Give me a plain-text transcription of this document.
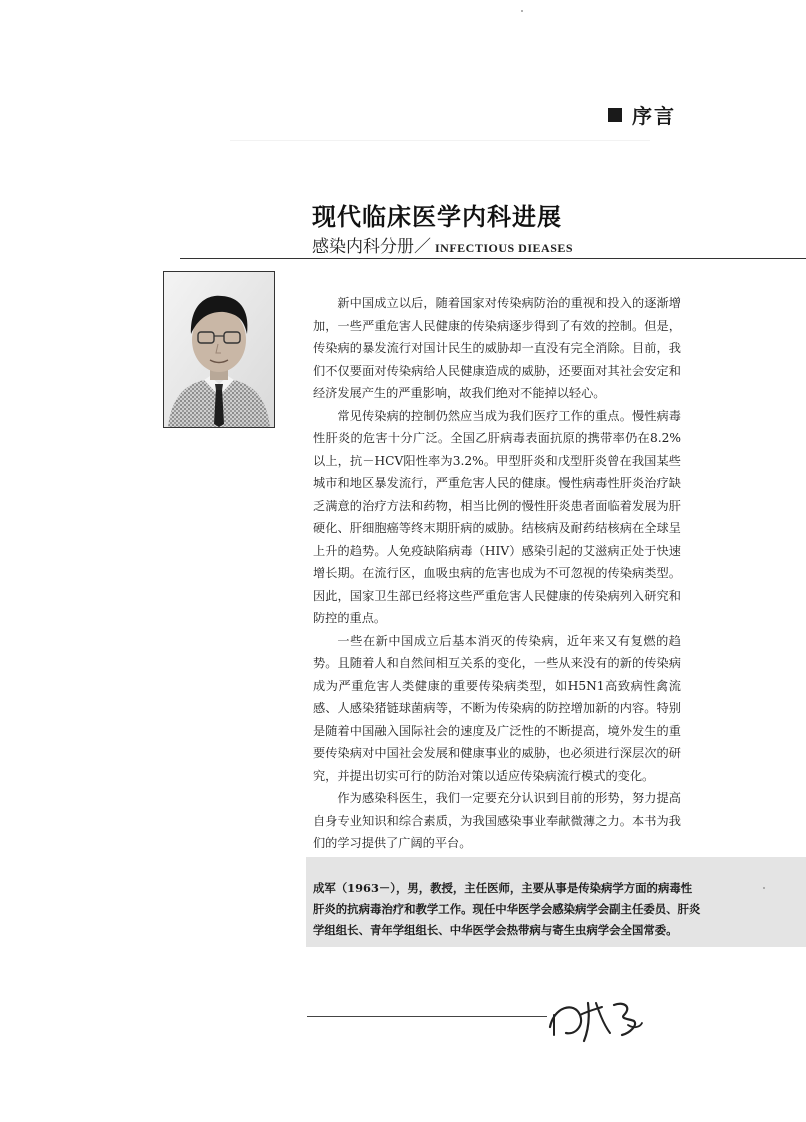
序言
现代临床医学内科进展
感染内科分册／ INFECTIOUS DIEASES

新中国成立以后，随着国家对传染病防治的重视和投入的逐渐增加，一些严重危害人民健康的传染病逐步得到了有效的控制。但是，传染病的暴发流行对国计民生的威胁却一直没有完全消除。目前，我们不仅要面对传染病给人民健康造成的威胁，还要面对其社会安定和经济发展产生的严重影响，故我们绝对不能掉以轻心。

常见传染病的控制仍然应当成为我们医疗工作的重点。慢性病毒性肝炎的危害十分广泛。全国乙肝病毒表面抗原的携带率仍在8.2%以上，抗－HCV阳性率为3.2%。甲型肝炎和戊型肝炎曾在我国某些城市和地区暴发流行，严重危害人民的健康。慢性病毒性肝炎治疗缺乏满意的治疗方法和药物，相当比例的慢性肝炎患者面临着发展为肝硬化、肝细胞癌等终末期肝病的威胁。结核病及耐药结核病在全球呈上升的趋势。人免疫缺陷病毒（HIV）感染引起的艾滋病正处于快速增长期。在流行区，血吸虫病的危害也成为不可忽视的传染病类型。因此，国家卫生部已经将这些严重危害人民健康的传染病列入研究和防控的重点。

一些在新中国成立后基本消灭的传染病，近年来又有复燃的趋势。且随着人和自然间相互关系的变化，一些从来没有的新的传染病成为严重危害人类健康的重要传染病类型，如H5N1高致病性禽流感、人感染猪链球菌病等，不断为传染病的防控增加新的内容。特别是随着中国融入国际社会的速度及广泛性的不断提高，境外发生的重要传染病对中国社会发展和健康事业的威胁，也必须进行深层次的研究，并提出切实可行的防治对策以适应传染病流行模式的变化。

作为感染科医生，我们一定要充分认识到目前的形势，努力提高自身专业知识和综合素质，为我国感染事业奉献微薄之力。本书为我们的学习提供了广阔的平台。

成军（1963－），男，教授，主任医师，主要从事是传染病学方面的病毒性肝炎的抗病毒治疗和教学工作。现任中华医学会感染病学会副主任委员、肝炎学组组长、青年学组组长、中华医学会热带病与寄生虫病学会全国常委。
